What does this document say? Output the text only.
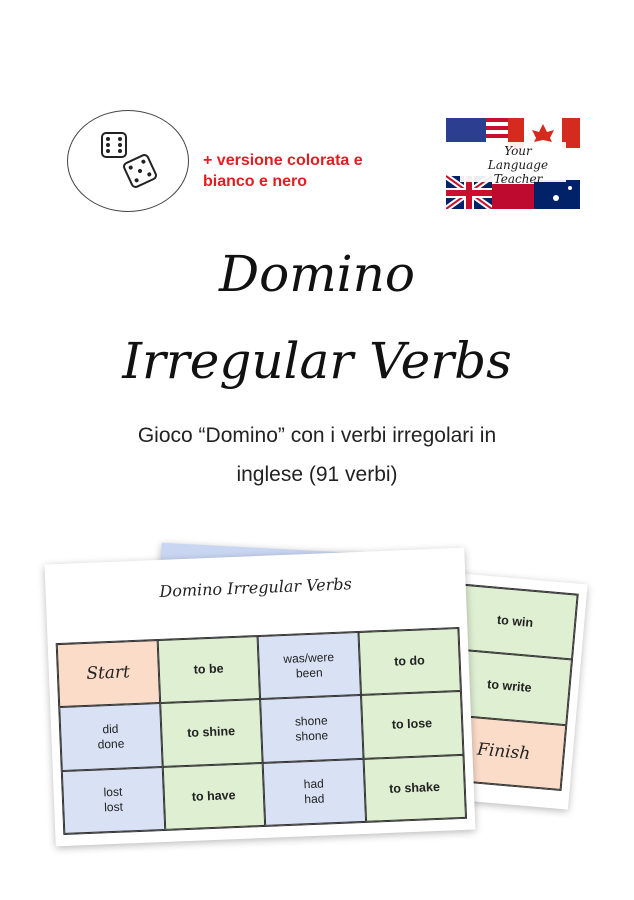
+ versione colorata e
bianco e nero
Your
Language Teacher
Domino
Irregular Verbs
Gioco “Domino” con i verbi irregolari in
inglese (91 verbi)
to win
to write
Finish
Domino Irregular Verbs
Start	to be
was/were
been
to do
did
done
to shine
shone
shone
to lose
lost
lost
to have
had
had
to shake
